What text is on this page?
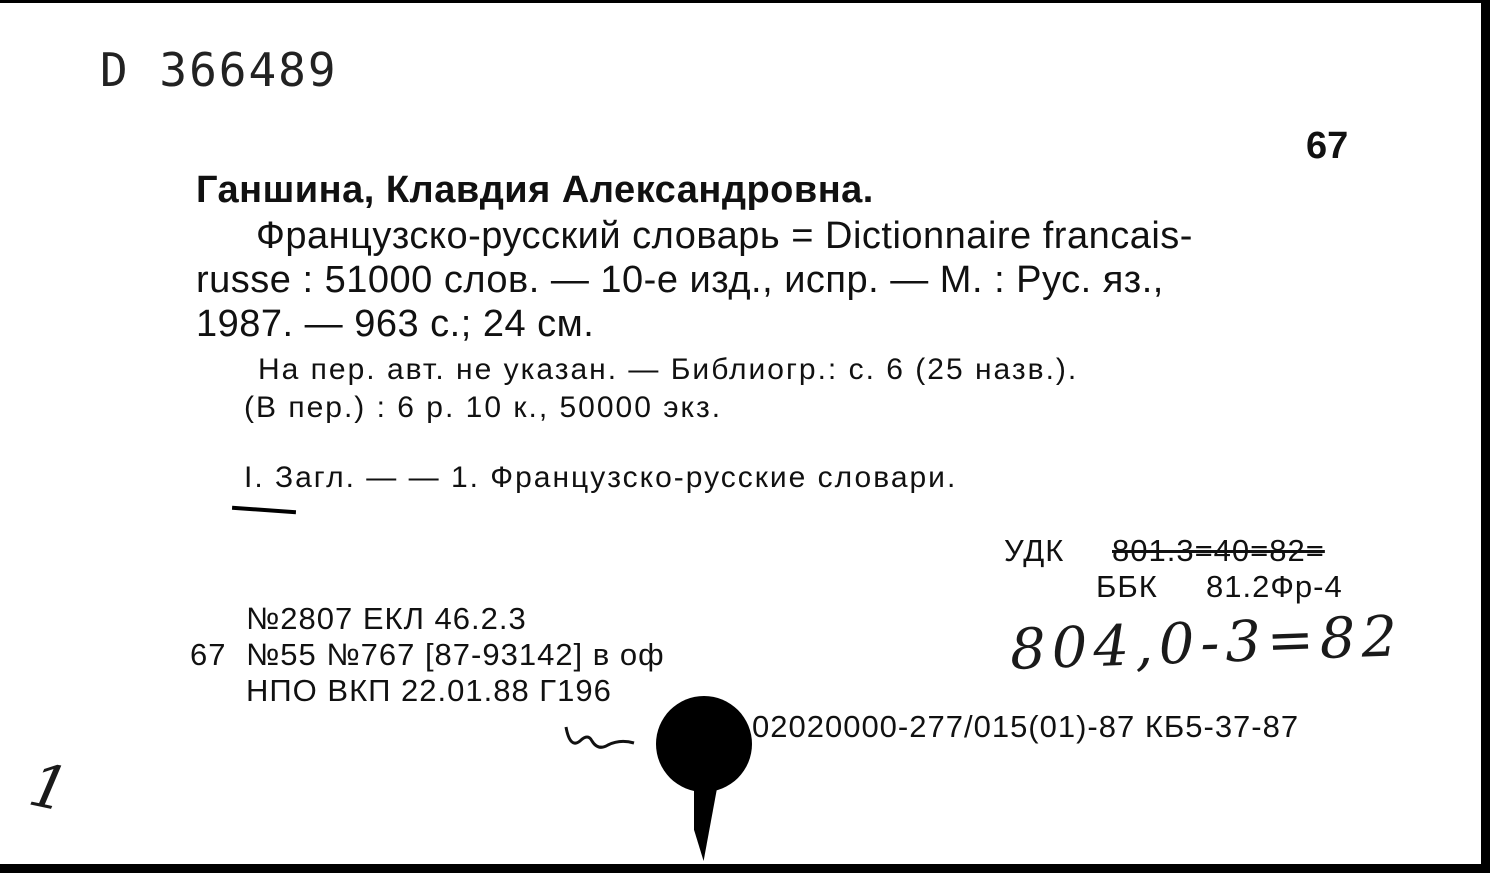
D 366489
67
Ганшина, Клавдия Александровна.
Французско-русский словарь = Dictionnaire francais-
russe : 51000 слов. — 10-е изд., испр. — М. : Рус. яз.,
1987. — 963 с.; 24 см.
На пер. авт. не указан. — Библиогр.: с. 6 (25 назв.).
(В пер.) : 6 р. 10 к., 50000 экз.
I. Загл. — — 1. Французско-русские словари.
УДК 801.3=40=82=
ББК 81.2Фр-4
804,0-3=82
№2807 ЕКЛ 46.2.3
67 №55 №767 [87-93142] в оф
НПО ВКП 22.01.88 Г196
02020000-277/015(01)-87 КБ5-37-87
1
